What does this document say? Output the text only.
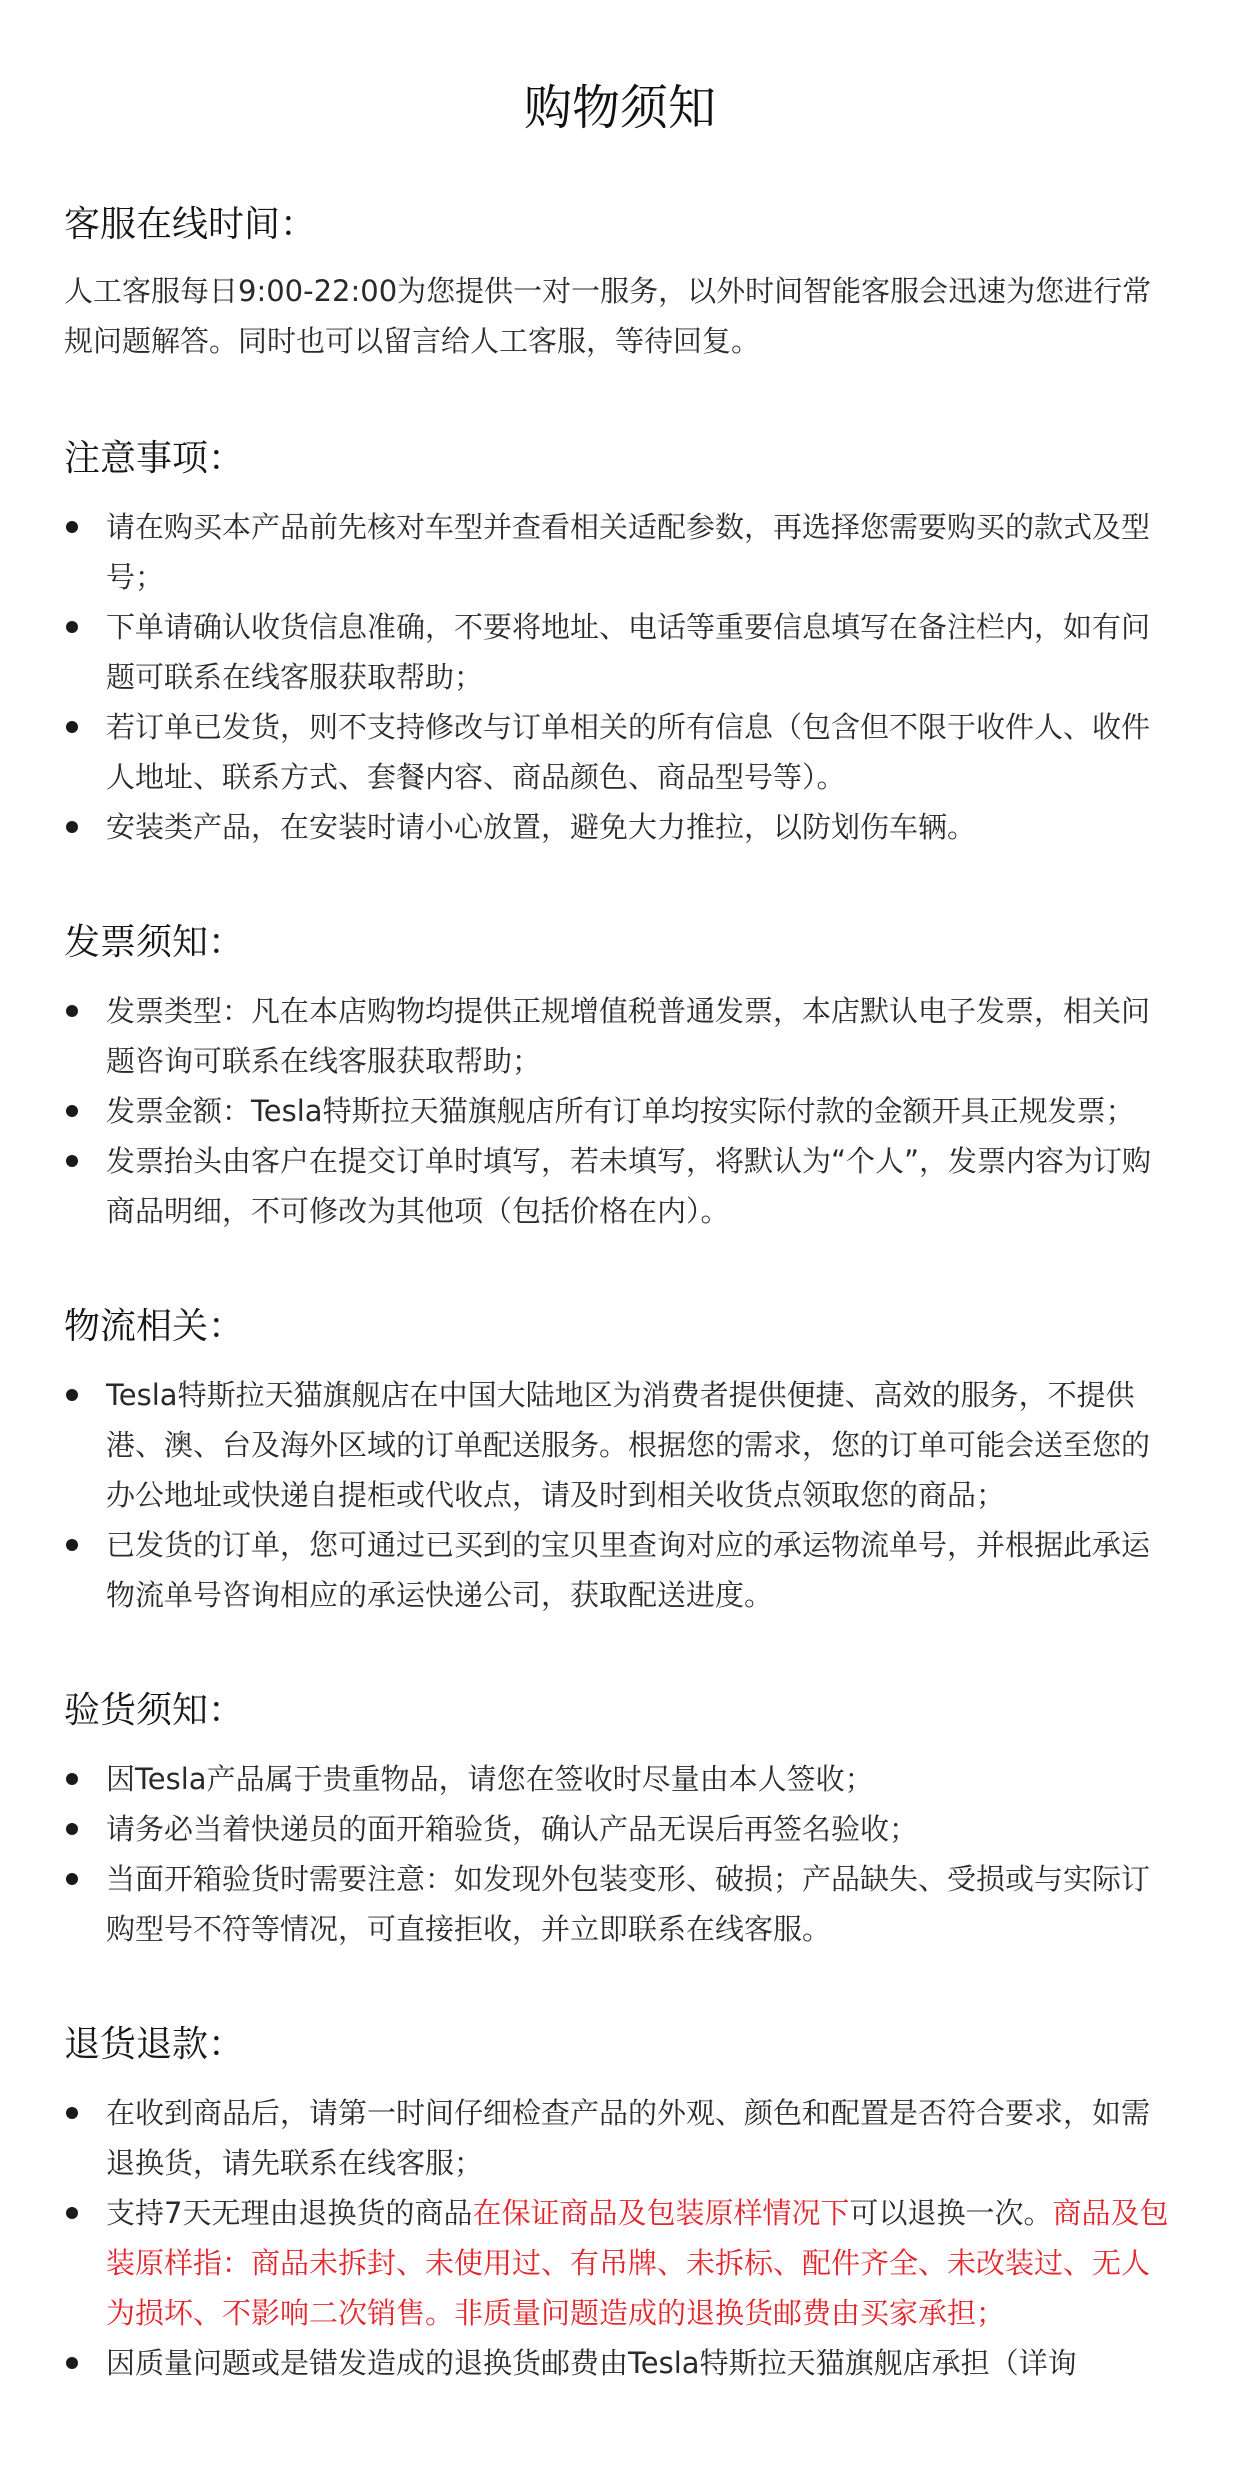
购物须知
客服在线时间：

人工客服每日9:00-22:00为您提供一对一服务，以外时间智能客服会迅速为您进行常规问题解答。同时也可以留言给人工客服，等待回复。

注意事项：
请在购买本产品前先核对车型并查看相关适配参数，再选择您需要购买的款式及型号；
下单请确认收货信息准确，不要将地址、电话等重要信息填写在备注栏内，如有问题可联系在线客服获取帮助；
若订单已发货，则不支持修改与订单相关的所有信息（包含但不限于收件人、收件人地址、联系方式、套餐内容、商品颜色、商品型号等）。
安装类产品，在安装时请小心放置，避免大力推拉，以防划伤车辆。
发票须知：
发票类型：凡在本店购物均提供正规增值税普通发票，本店默认电子发票，相关问题咨询可联系在线客服获取帮助；
发票金额：Tesla特斯拉天猫旗舰店所有订单均按实际付款的金额开具正规发票；
发票抬头由客户在提交订单时填写，若未填写，将默认为“个人”，发票内容为订购商品明细，不可修改为其他项（包括价格在内）。
物流相关：
Tesla特斯拉天猫旗舰店在中国大陆地区为消费者提供便捷、高效的服务，不提供港、澳、台及海外区域的订单配送服务。根据您的需求，您的订单可能会送至您的办公地址或快递自提柜或代收点，请及时到相关收货点领取您的商品；
已发货的订单，您可通过已买到的宝贝里查询对应的承运物流单号，并根据此承运物流单号咨询相应的承运快递公司，获取配送进度。
验货须知：
因Tesla产品属于贵重物品，请您在签收时尽量由本人签收；
请务必当着快递员的面开箱验货，确认产品无误后再签名验收；
当面开箱验货时需要注意：如发现外包装变形、破损；产品缺失、受损或与实际订购型号不符等情况，可直接拒收，并立即联系在线客服。
退货退款：
在收到商品后，请第一时间仔细检查产品的外观、颜色和配置是否符合要求，如需退换货，请先联系在线客服；
支持7天无理由退换货的商品在保证商品及包装原样情况下可以退换一次。商品及包装原样指：商品未拆封、未使用过、有吊牌、未拆标、配件齐全、未改装过、无人为损坏、不影响二次销售。非质量问题造成的退换货邮费由买家承担；
因质量问题或是错发造成的退换货邮费由Tesla特斯拉天猫旗舰店承担（详询
